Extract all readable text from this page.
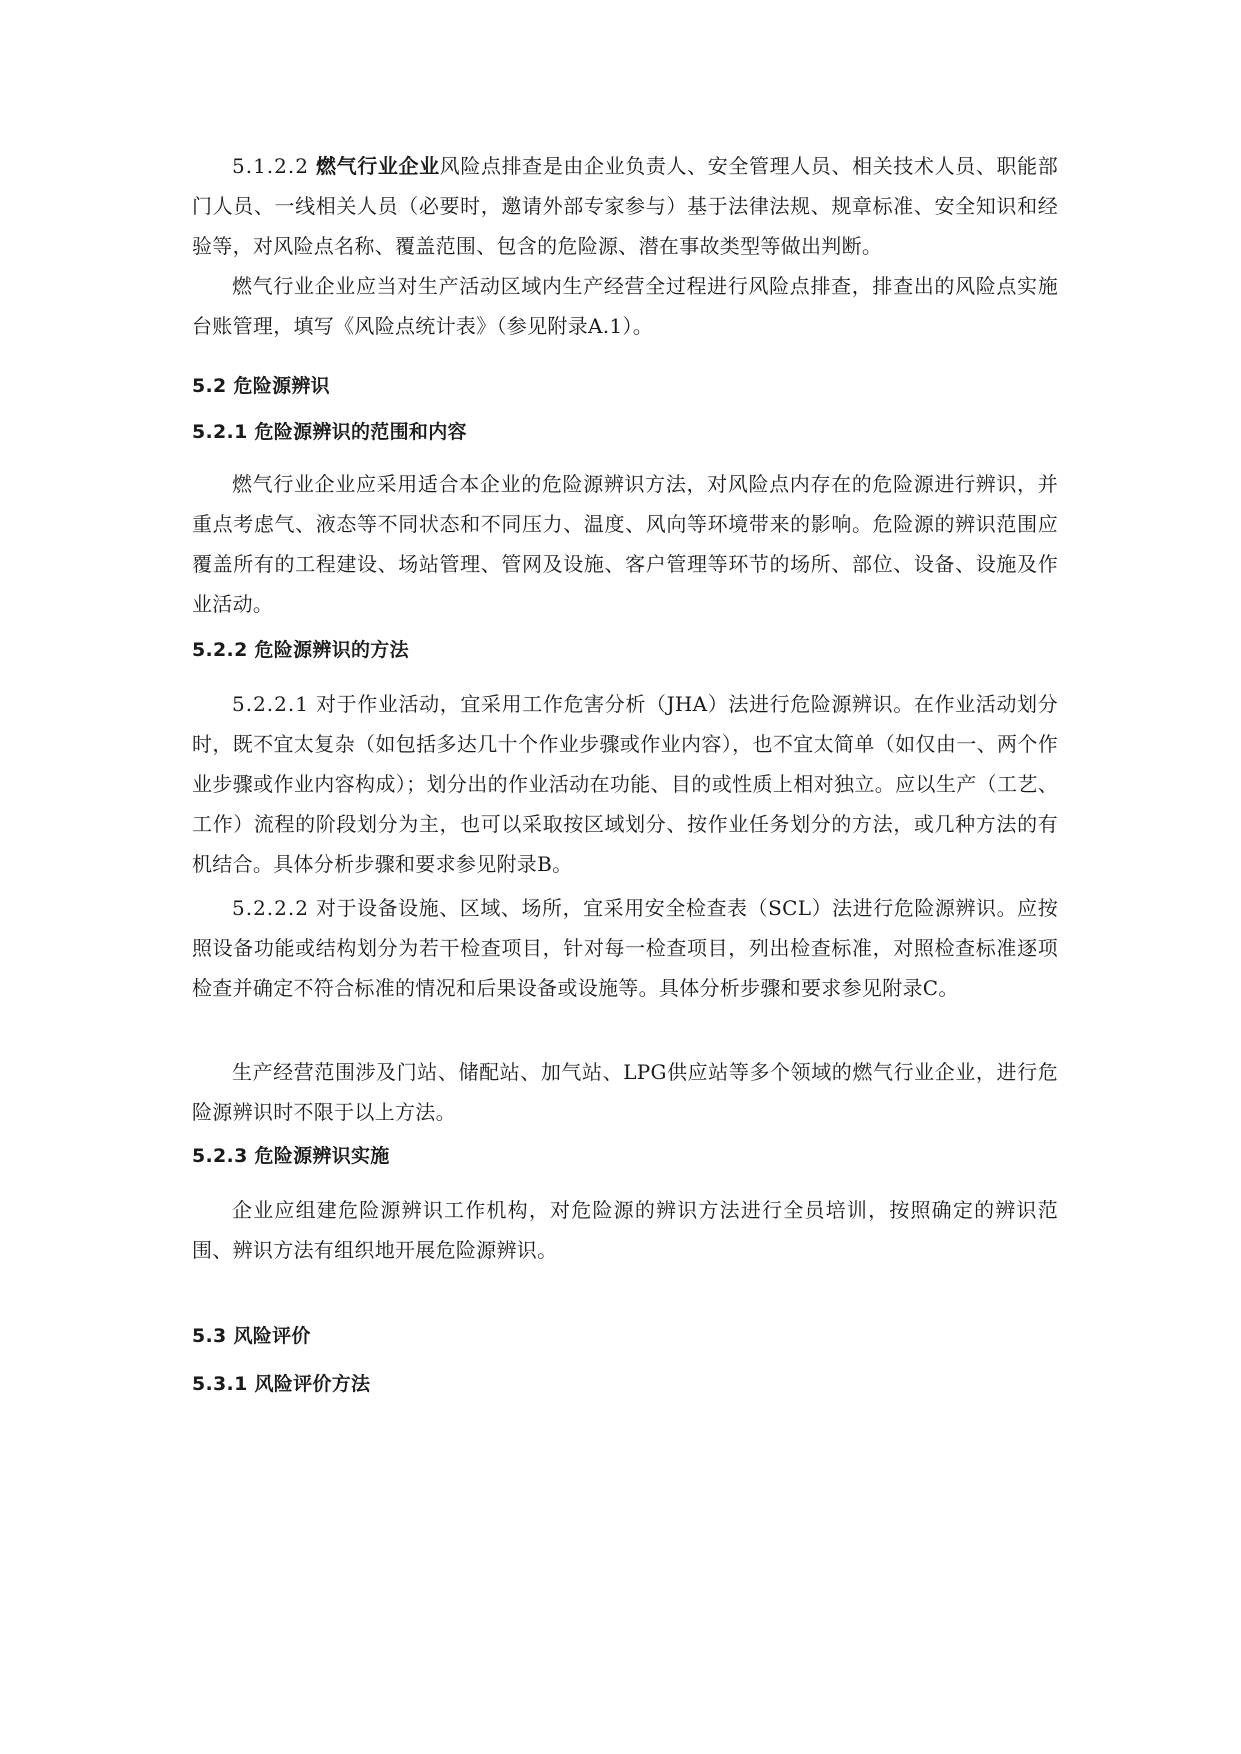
5.1.2.2 燃气行业企业风险点排查是由企业负责人、安全管理人员、相关技术人员、职能部门人员、一线相关人员（必要时，邀请外部专家参与）基于法律法规、规章标准、安全知识和经验等，对风险点名称、覆盖范围、包含的危险源、潜在事故类型等做出判断。

燃气行业企业应当对生产活动区域内生产经营全过程进行风险点排查，排查出的风险点实施台账管理，填写《风险点统计表》（参见附录A.1）。

5.2 危险源辨识
5.2.1 危险源辨识的范围和内容

燃气行业企业应采用适合本企业的危险源辨识方法，对风险点内存在的危险源进行辨识，并重点考虑气、液态等不同状态和不同压力、温度、风向等环境带来的影响。危险源的辨识范围应覆盖所有的工程建设、场站管理、管网及设施、客户管理等环节的场所、部位、设备、设施及作业活动。

5.2.2 危险源辨识的方法

5.2.2.1 对于作业活动，宜采用工作危害分析（JHA）法进行危险源辨识。在作业活动划分时，既不宜太复杂（如包括多达几十个作业步骤或作业内容），也不宜太简单（如仅由一、两个作业步骤或作业内容构成）；划分出的作业活动在功能、目的或性质上相对独立。应以生产（工艺、工作）流程的阶段划分为主，也可以采取按区域划分、按作业任务划分的方法，或几种方法的有机结合。具体分析步骤和要求参见附录B。

5.2.2.2 对于设备设施、区域、场所，宜采用安全检查表（SCL）法进行危险源辨识。应按照设备功能或结构划分为若干检查项目，针对每一检查项目，列出检查标准，对照检查标准逐项检查并确定不符合标准的情况和后果设备或设施等。具体分析步骤和要求参见附录C。

生产经营范围涉及门站、储配站、加气站、LPG供应站等多个领域的燃气行业企业，进行危险源辨识时不限于以上方法。

5.2.3 危险源辨识实施

企业应组建危险源辨识工作机构，对危险源的辨识方法进行全员培训，按照确定的辨识范围、辨识方法有组织地开展危险源辨识。

5.3 风险评价
5.3.1 风险评价方法
